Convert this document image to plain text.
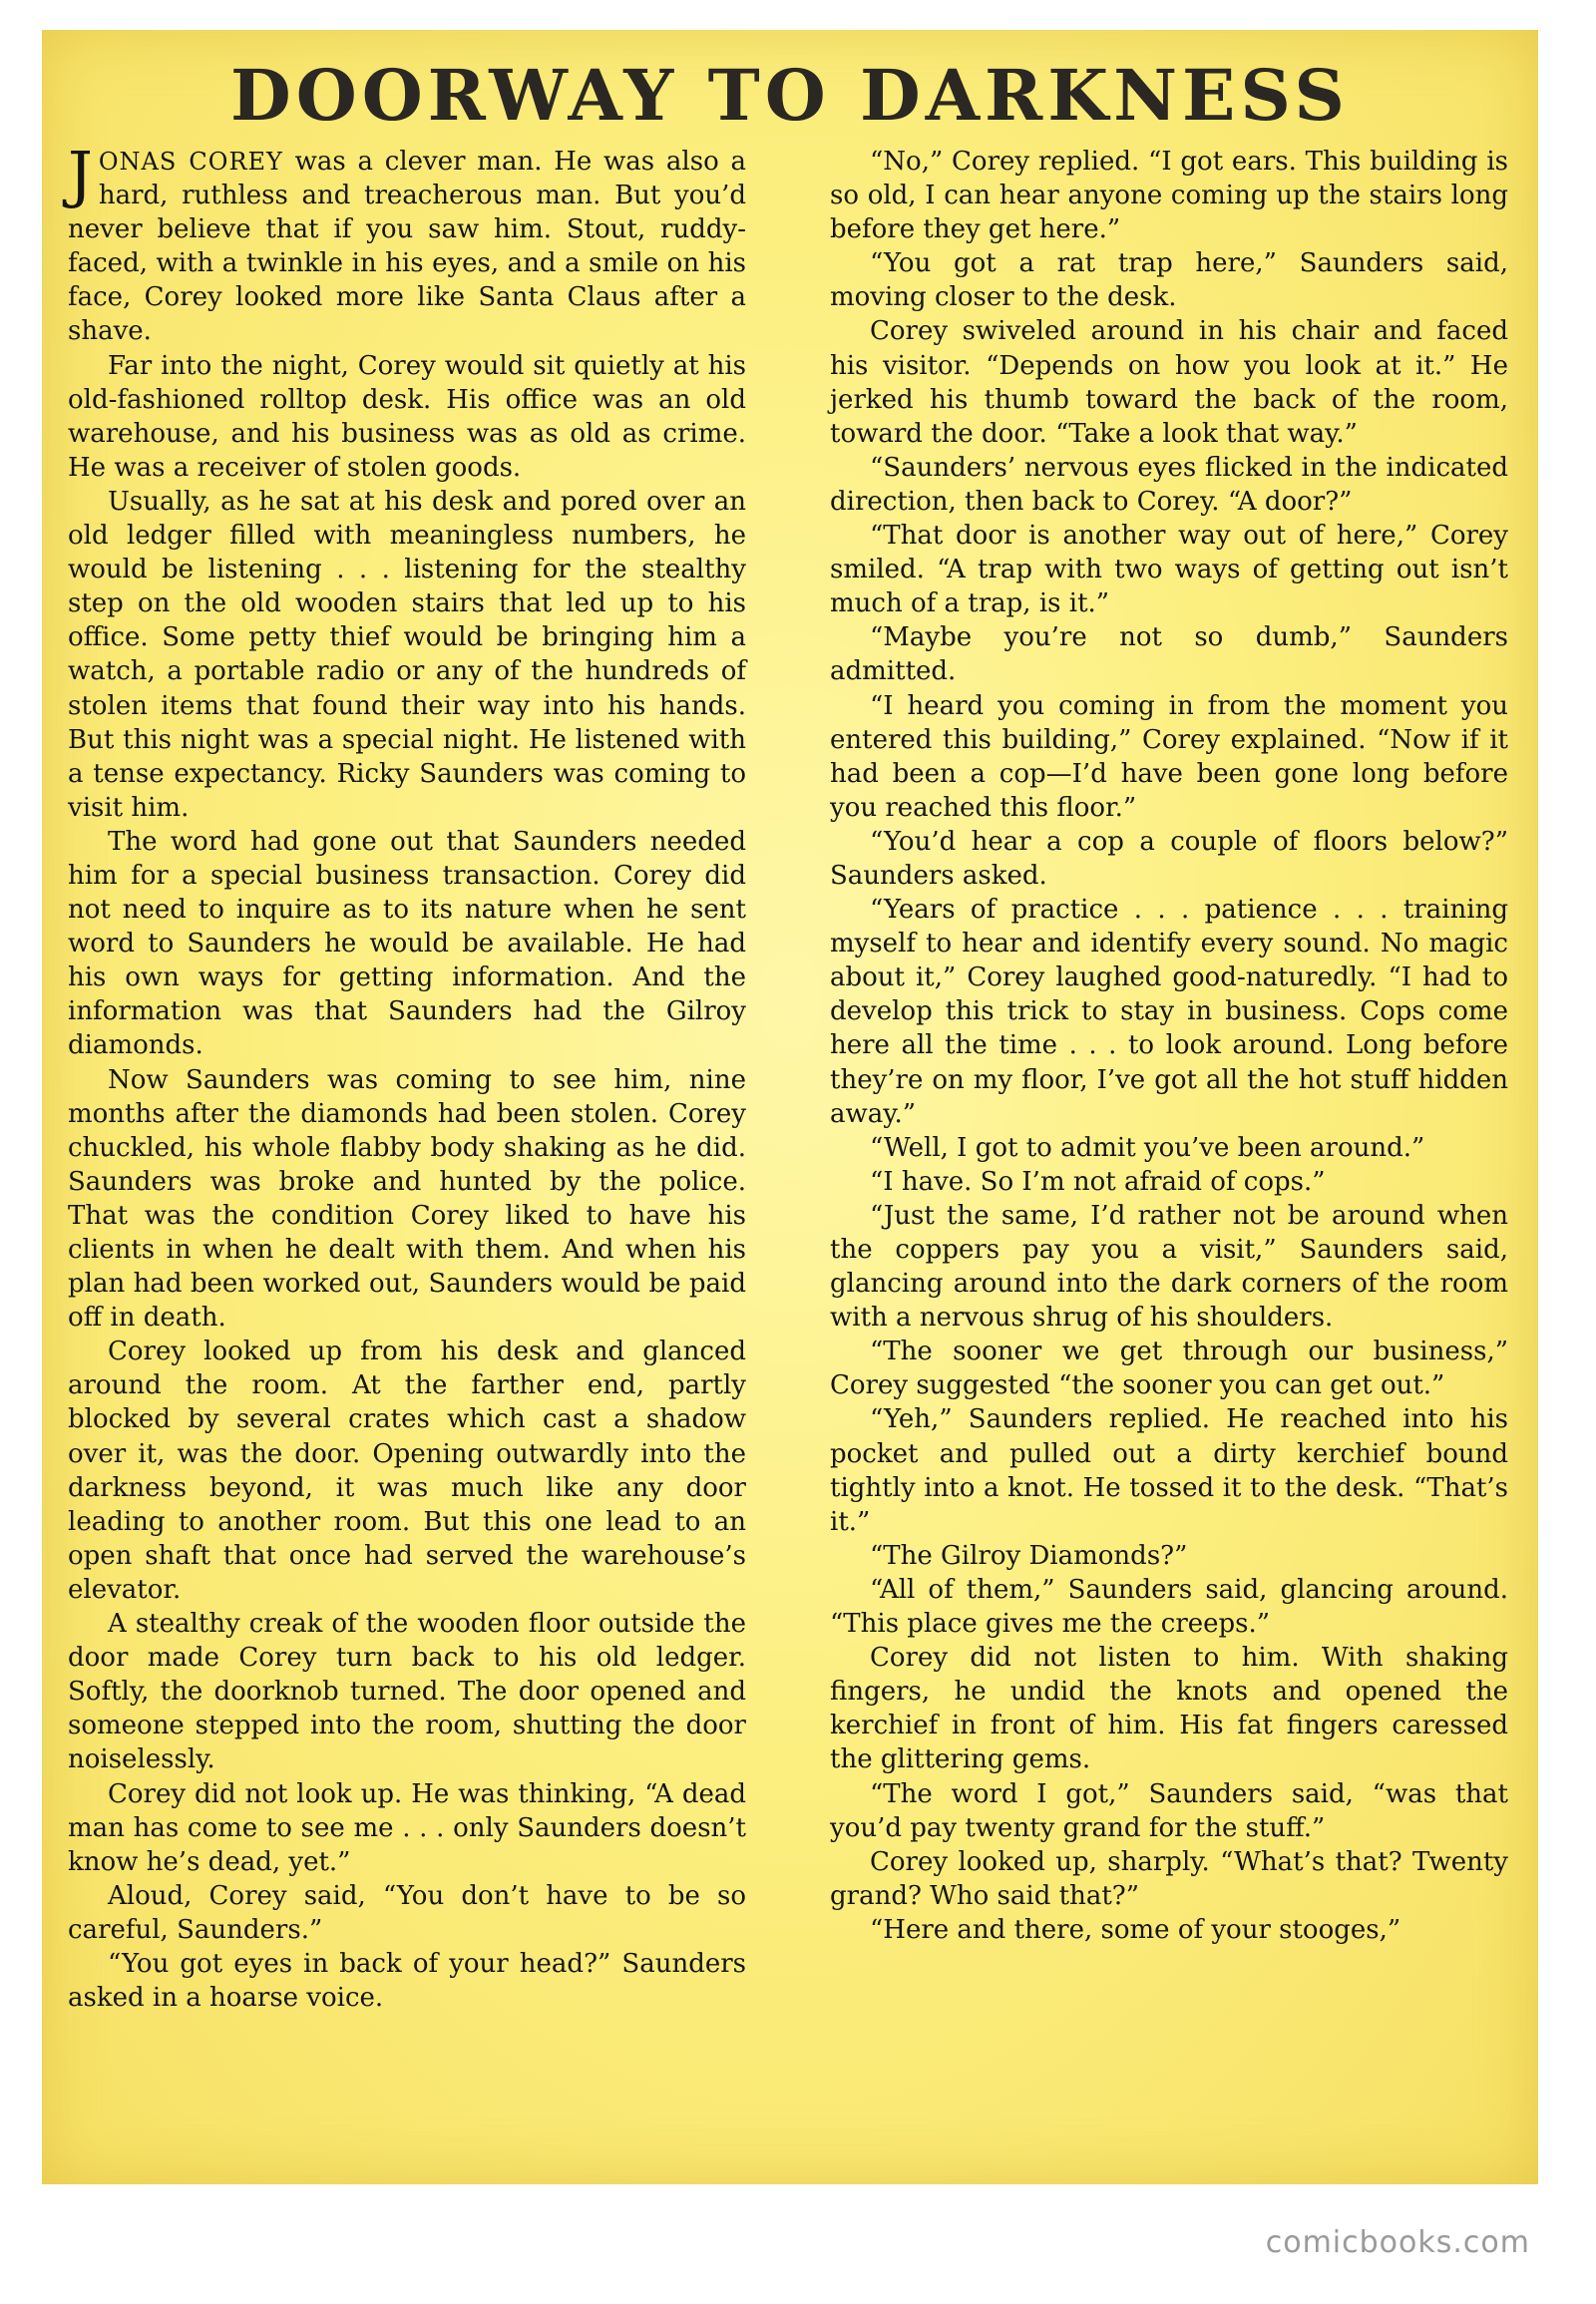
DOORWAY TO DARKNESS

JONAS COREY was a clever man. He was also a hard, ruthless and treacherous man. But you’d never believe that if you saw him. Stout, ruddy-faced, with a twinkle in his eyes, and a smile on his face, Corey looked more like Santa Claus after a shave.

Far into the night, Corey would sit quietly at his old-fashioned rolltop desk. His office was an old warehouse, and his business was as old as crime. He was a receiver of stolen goods.

Usually, as he sat at his desk and pored over an old ledger filled with meaningless numbers, he would be listening . . . listening for the stealthy step on the old wooden stairs that led up to his office. Some petty thief would be bringing him a watch, a portable radio or any of the hundreds of stolen items that found their way into his hands. But this night was a special night. He listened with a tense expectancy. Ricky Saunders was coming to visit him.

The word had gone out that Saunders needed him for a special business transaction. Corey did not need to inquire as to its nature when he sent word to Saunders he would be available. He had his own ways for getting information. And the information was that Saunders had the Gilroy diamonds.

Now Saunders was coming to see him, nine months after the diamonds had been stolen. Corey chuckled, his whole flabby body shaking as he did. Saunders was broke and hunted by the police. That was the condition Corey liked to have his clients in when he dealt with them. And when his plan had been worked out, Saunders would be paid off in death.

Corey looked up from his desk and glanced around the room. At the farther end, partly blocked by several crates which cast a shadow over it, was the door. Opening outwardly into the darkness beyond, it was much like any door leading to another room. But this one lead to an open shaft that once had served the warehouse’s elevator.

A stealthy creak of the wooden floor outside the door made Corey turn back to his old ledger. Softly, the doorknob turned. The door opened and someone stepped into the room, shutting the door noiselessly.

Corey did not look up. He was thinking, “A dead man has come to see me . . . only Saunders doesn’t know he’s dead, yet.”

Aloud, Corey said, “You don’t have to be so careful, Saunders.”

“You got eyes in back of your head?” Saunders asked in a hoarse voice.

“No,” Corey replied. “I got ears. This building is so old, I can hear anyone coming up the stairs long before they get here.”

“You got a rat trap here,” Saunders said, moving closer to the desk.

Corey swiveled around in his chair and faced his visitor. “Depends on how you look at it.” He jerked his thumb toward the back of the room, toward the door. “Take a look that way.”

“Saunders’ nervous eyes flicked in the indicated direction, then back to Corey. “A door?”

“That door is another way out of here,” Corey smiled. “A trap with two ways of getting out isn’t much of a trap, is it.”

“Maybe you’re not so dumb,” Saunders admitted.

“I heard you coming in from the moment you entered this building,” Corey explained. “Now if it had been a cop—I’d have been gone long before you reached this floor.”

“You’d hear a cop a couple of floors below?” Saunders asked.

“Years of practice . . . patience . . . training myself to hear and identify every sound. No magic about it,” Corey laughed good-naturedly. “I had to develop this trick to stay in business. Cops come here all the time . . . to look around. Long before they’re on my floor, I’ve got all the hot stuff hidden away.”

“Well, I got to admit you’ve been around.”

“I have. So I’m not afraid of cops.”

“Just the same, I’d rather not be around when the coppers pay you a visit,” Saunders said, glancing around into the dark corners of the room with a nervous shrug of his shoulders.

“The sooner we get through our business,” Corey suggested “the sooner you can get out.”

“Yeh,” Saunders replied. He reached into his pocket and pulled out a dirty kerchief bound tightly into a knot. He tossed it to the desk. “That’s it.”

“The Gilroy Diamonds?”

“All of them,” Saunders said, glancing around. “This place gives me the creeps.”

Corey did not listen to him. With shaking fingers, he undid the knots and opened the kerchief in front of him. His fat fingers caressed the glittering gems.

“The word I got,” Saunders said, “was that you’d pay twenty grand for the stuff.”

Corey looked up, sharply. “What’s that? Twenty grand? Who said that?”

“Here and there, some of your stooges,”

comicbooks.com
